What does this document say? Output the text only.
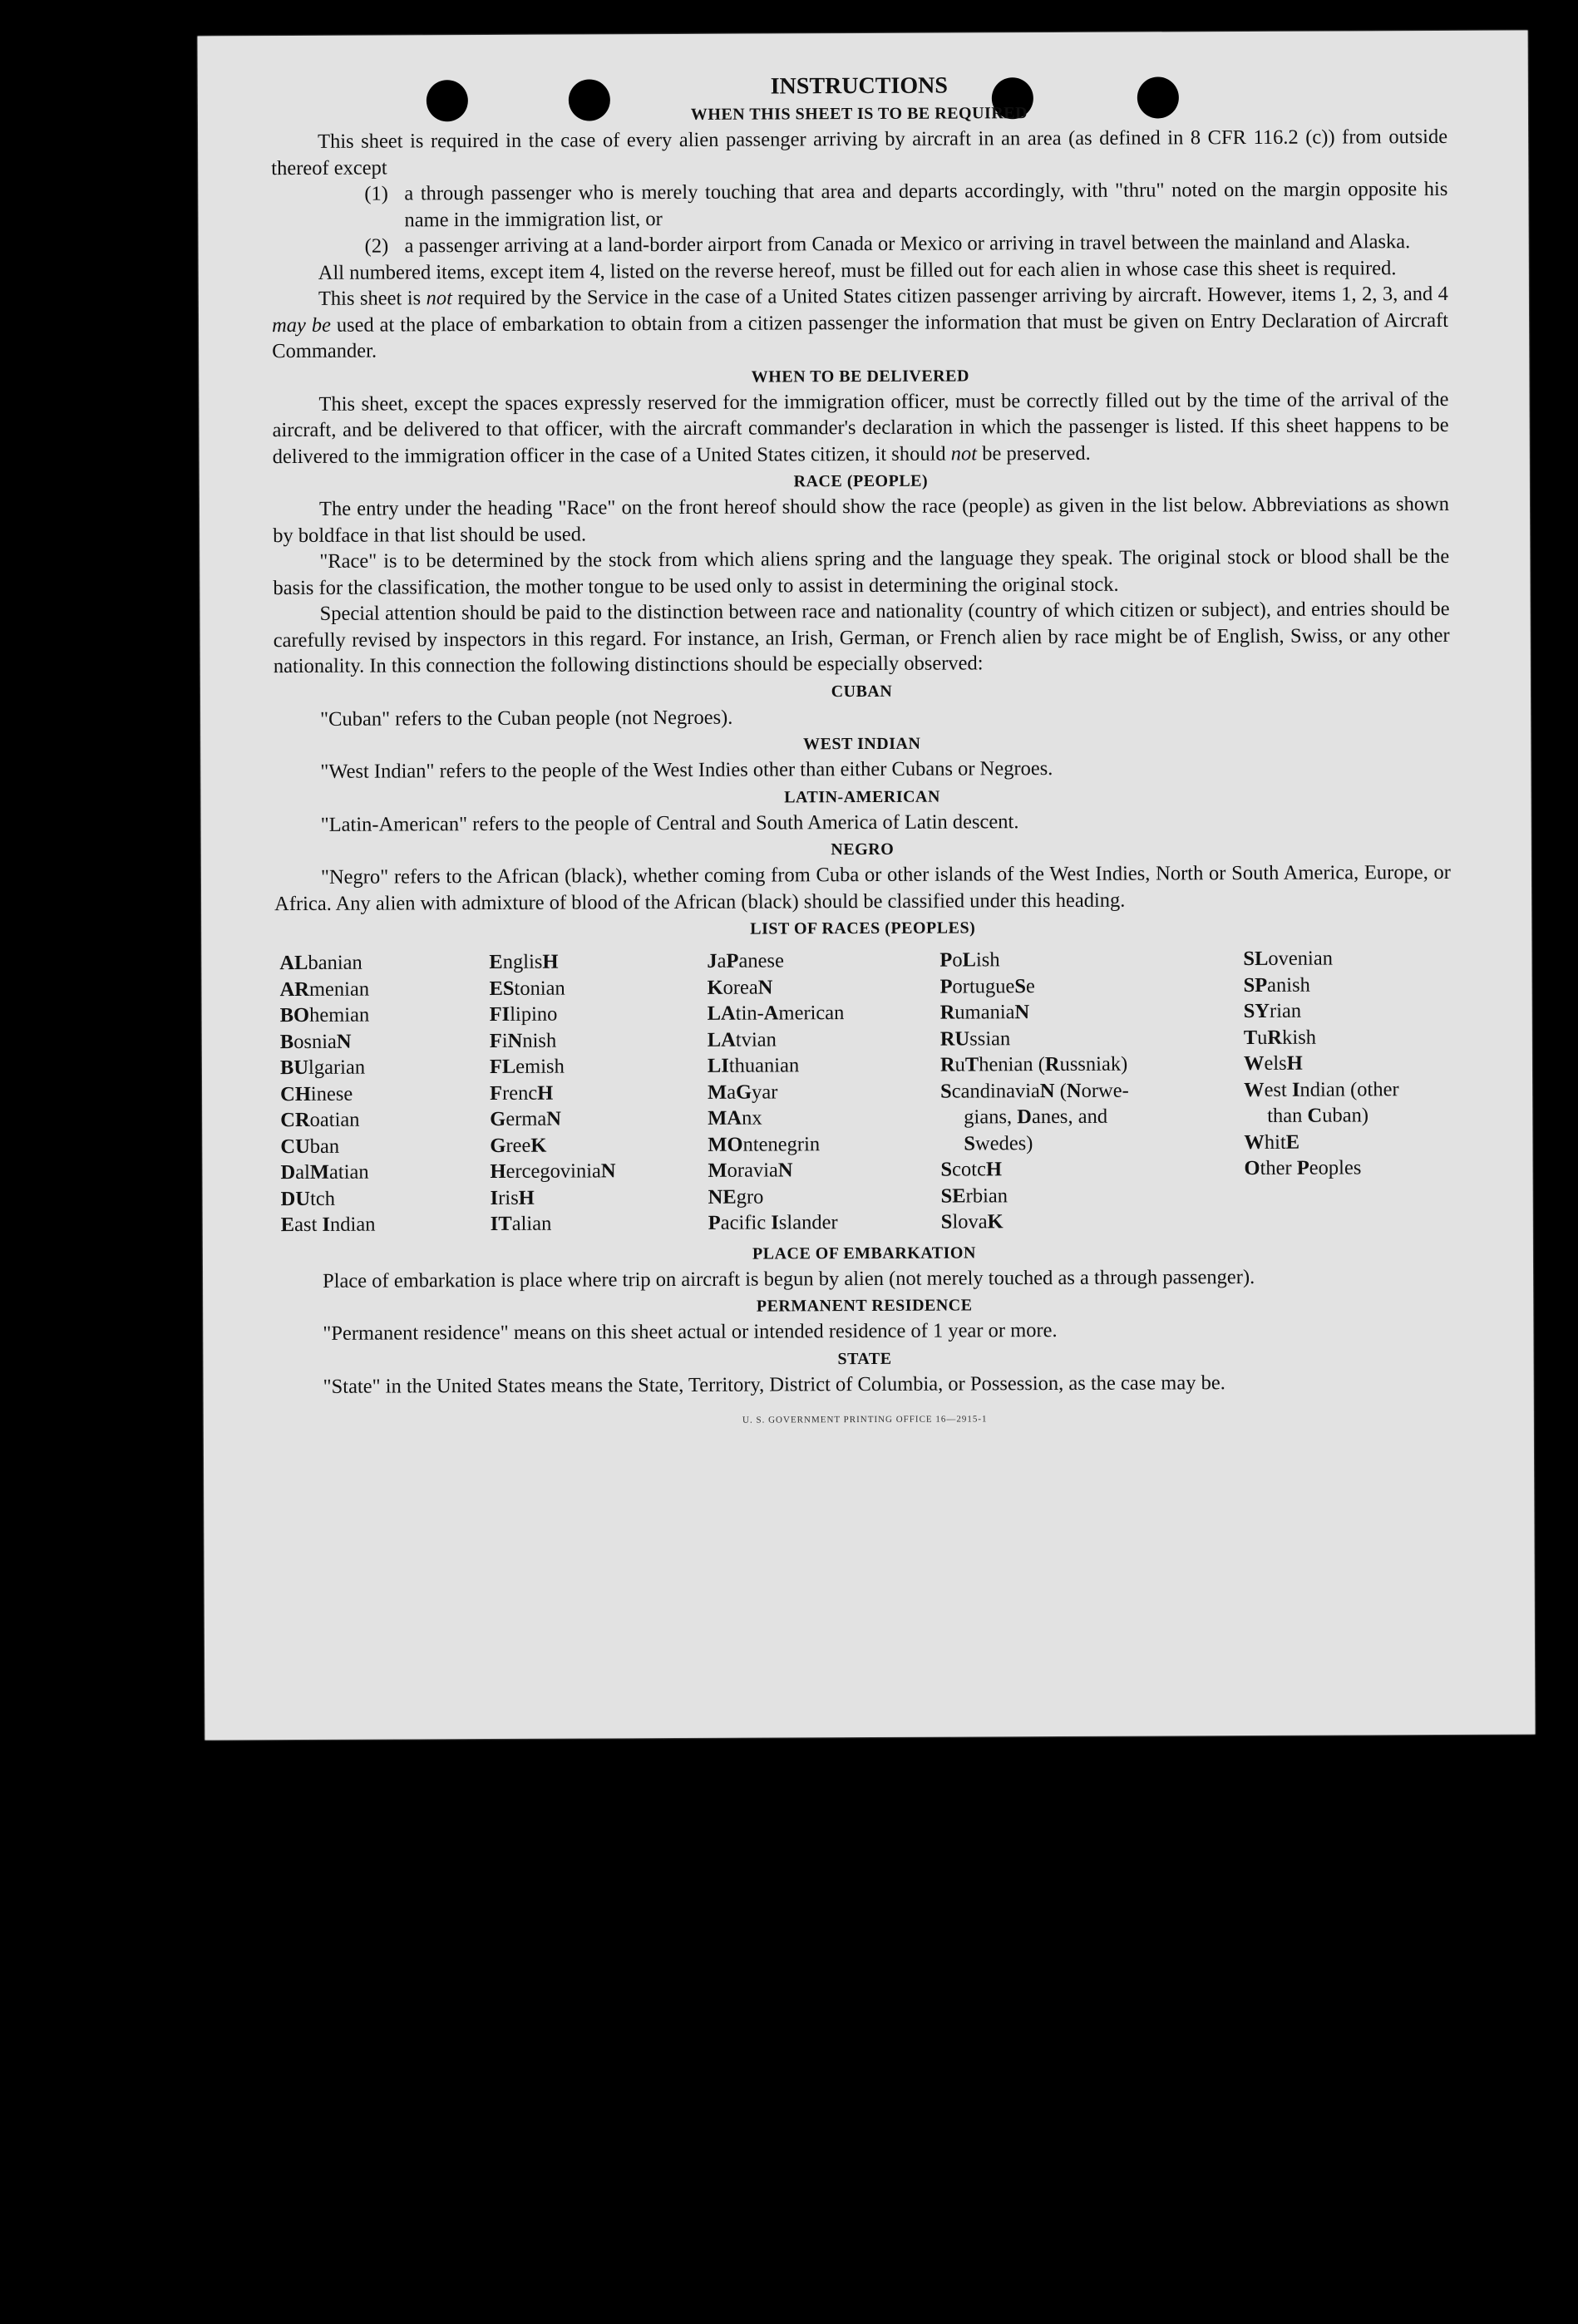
INSTRUCTIONS
WHEN THIS SHEET IS TO BE REQUIRED

This sheet is required in the case of every alien passenger arriving by aircraft in an area (as defined in 8 CFR 116.2 (c)) from outside thereof except

(1) a through passenger who is merely touching that area and departs accordingly, with "thru" noted on the margin opposite his name in the immigration list, or
(2) a passenger arriving at a land-border airport from Canada or Mexico or arriving in travel between the mainland and Alaska.

All numbered items, except item 4, listed on the reverse hereof, must be filled out for each alien in whose case this sheet is required.

This sheet is not required by the Service in the case of a United States citizen passenger arriving by aircraft. However, items 1, 2, 3, and 4 may be used at the place of embarkation to obtain from a citizen passenger the information that must be given on Entry Declaration of Aircraft Commander.

WHEN TO BE DELIVERED

This sheet, except the spaces expressly reserved for the immigration officer, must be correctly filled out by the time of the arrival of the aircraft, and be delivered to that officer, with the aircraft commander's declaration in which the passenger is listed. If this sheet happens to be delivered to the immigration officer in the case of a United States citizen, it should not be preserved.

RACE (PEOPLE)

The entry under the heading "Race" on the front hereof should show the race (people) as given in the list below. Abbreviations as shown by boldface in that list should be used.

"Race" is to be determined by the stock from which aliens spring and the language they speak. The original stock or blood shall be the basis for the classification, the mother tongue to be used only to assist in determining the original stock.

Special attention should be paid to the distinction between race and nationality (country of which citizen or subject), and entries should be carefully revised by inspectors in this regard. For instance, an Irish, German, or French alien by race might be of English, Swiss, or any other nationality. In this connection the following distinctions should be especially observed:

CUBAN

"Cuban" refers to the Cuban people (not Negroes).

WEST INDIAN

"West Indian" refers to the people of the West Indies other than either Cubans or Negroes.

LATIN-AMERICAN

"Latin-American" refers to the people of Central and South America of Latin descent.

NEGRO

"Negro" refers to the African (black), whether coming from Cuba or other islands of the West Indies, North or South America, Europe, or Africa. Any alien with admixture of blood of the African (black) should be classified under this heading.

LIST OF RACES (PEOPLES)
ALbanian
ARmenian
BOhemian
BosniaN
BUlgarian
CHinese
CRoatian
CUban
DalMatian
DUtch
East Indian
EnglisH
EStonian
FIlipino
FiNnish
FLemish
FrencH
GermaN
GreeK
HercegoviniaN
IrisH
ITalian
JaPanese
KoreaN
LAtin-American
LAtvian
LIthuanian
MaGyar
MAnx
MOntenegrin
MoraviaN
NEgro
Pacific Islander
PoLish
PortugueSe
RumaniaN
RUssian
RuThenian (Russniak)
ScandinaviaN (Norwe-
gians, Danes, and
Swedes)
ScotcH
SErbian
SlovaK
SLovenian
SPanish
SYrian
TuRkish
WelsH
West Indian (other
than Cuban)
WhitE
Other Peoples
PLACE OF EMBARKATION

Place of embarkation is place where trip on aircraft is begun by alien (not merely touched as a through passenger).

PERMANENT RESIDENCE

"Permanent residence" means on this sheet actual or intended residence of 1 year or more.

STATE

"State" in the United States means the State, Territory, District of Columbia, or Possession, as the case may be.

U. S. GOVERNMENT PRINTING OFFICE 16—2915-1
